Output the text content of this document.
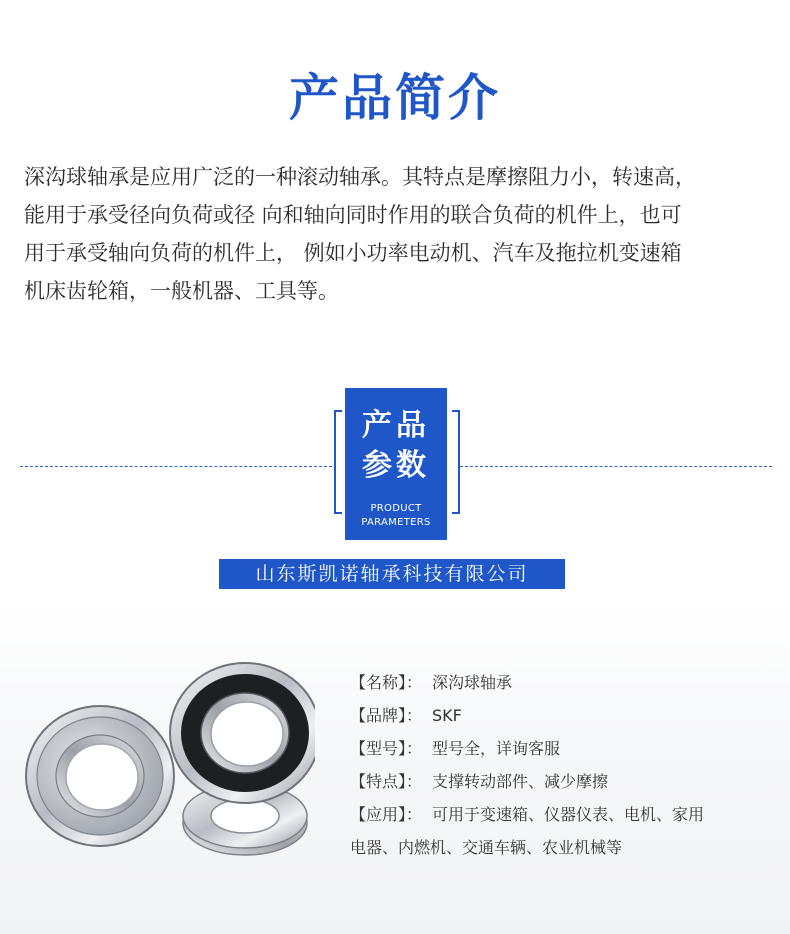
产品简介

深沟球轴承是应用广泛的一种滚动轴承。其特点是摩擦阻力小，转速高，
能用于承受径向负荷或径 向和轴向同时作用的联合负荷的机件上，也可
用于承受轴向负荷的机件上， 例如小功率电动机、汽车及拖拉机变速箱
机床齿轮箱，一般机器、工具等。

产品
参数
PRODUCT
PARAMETERS
山东斯凯诺轴承科技有限公司
【名称】： 深沟球轴承
【品牌】： SKF
【型号】： 型号全，详询客服
【特点】： 支撑转动部件、减少摩擦
【应用】： 可用于变速箱、仪器仪表、电机、家用
电器、内燃机、交通车辆、农业机械等
